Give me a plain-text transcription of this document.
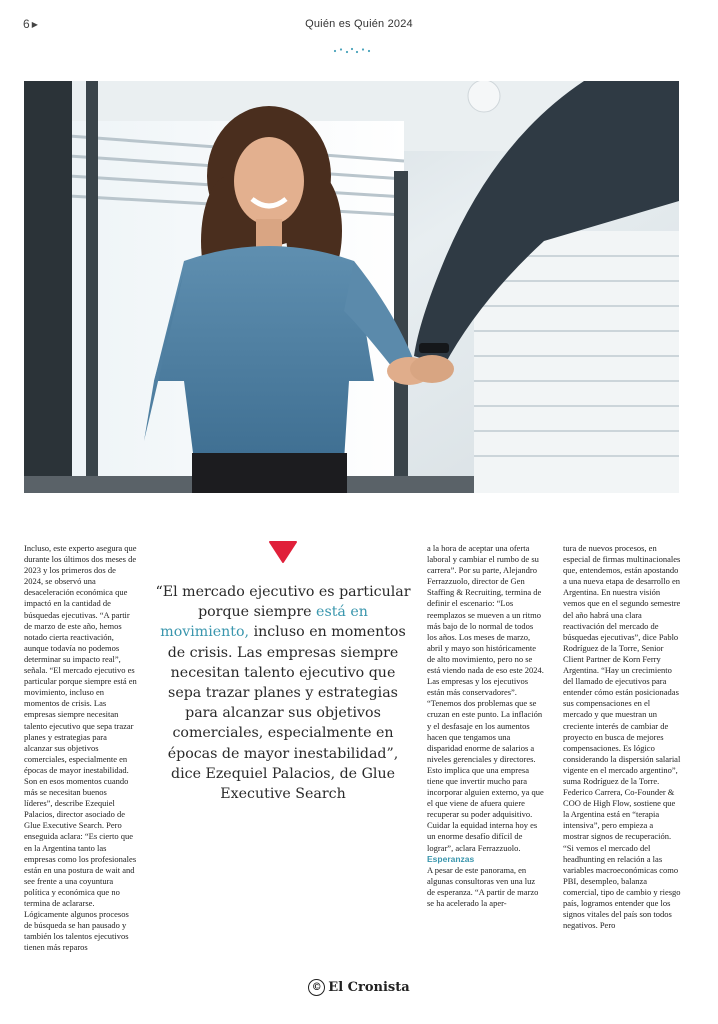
6 ▶	Quién es Quién 2024

Incluso, este experto asegura que durante los últimos dos meses de 2023 y los primeros dos de 2024, se observó una desaceleración económica que impactó en la cantidad de búsquedas ejecutivas. “A partir de marzo de este año, hemos notado cierta reactivación, aunque todavía no podemos determinar su impacto real”, señala. “El mercado ejecutivo es particular porque siempre está en movimiento, incluso en momentos de crisis. Las empresas siempre necesitan talento ejecutivo que sepa trazar planes y estrategias para alcanzar sus objetivos comerciales, especialmente en épocas de mayor inestabilidad. Son en esos momentos cuando más se necesitan buenos líderes”, describe Ezequiel Palacios, director asociado de Glue Executive Search. Pero enseguida aclara: “Es cierto que en la Argentina tanto las empresas como los profesionales están en una postura de wait and see frente a una coyuntura política y económica que no termina de aclararse. Lógicamente algunos procesos de búsqueda se han pausado y también los talentos ejecutivos tienen más reparos

“El mercado ejecutivo es particular porque siempre está en movimiento, incluso en momentos de crisis. Las empresas siempre necesitan talento ejecutivo que sepa trazar planes y estrategias para alcanzar sus objetivos comerciales, especialmente en épocas de mayor inestabilidad”, dice Ezequiel Palacios, de Glue Executive Search

a la hora de aceptar una oferta laboral y cambiar el rumbo de su carrera”. Por su parte, Alejandro Ferrazzuolo, director de Gen Staffing & Recruiting, termina de definir el escenario: “Los reemplazos se mueven a un ritmo más bajo de lo normal de todos los años. Los meses de marzo, abril y mayo son históricamente de alto movimiento, pero no se está viendo nada de eso este 2024. Las empresas y los ejecutivos están más conservadores”. “Tenemos dos problemas que se cruzan en este punto. La inflación y el desfasaje en los aumentos hacen que tengamos una disparidad enorme de salarios a niveles gerenciales y directores. Esto implica que una empresa tiene que invertir mucho para incorporar alguien externo, ya que el que viene de afuera quiere recuperar su poder adquisitivo. Cuidar la equidad interna hoy es un enorme desafío difícil de lograr”, aclara Ferrazzuolo.

Esperanzas

A pesar de este panorama, en algunas consultoras ven una luz de esperanza. “A partir de marzo se ha acelerado la aper-

tura de nuevos procesos, en especial de firmas multinacionales que, entendemos, están apostando a una nueva etapa de desarrollo en Argentina. En nuestra visión vemos que en el segundo semestre del año habrá una clara reactivación del mercado de búsquedas ejecutivas”, dice Pablo Rodríguez de la Torre, Senior Client Partner de Korn Ferry Argentina. “Hay un crecimiento del llamado de ejecutivos para entender cómo están posicionadas sus compensaciones en el mercado y que muestran un creciente interés de cambiar de proyecto en busca de mejores compensaciones. Es lógico considerando la dispersión salarial vigente en el mercado argentino”, suma Rodríguez de la Torre. Federico Carrera, Co-Founder & COO de High Flow, sostiene que la Argentina está en “terapia intensiva”, pero empieza a mostrar signos de recuperación. “Si vemos el mercado del headhunting en relación a las variables macroeconómicas como PBI, desempleo, balanza comercial, tipo de cambio y riesgo país, logramos entender que los signos vitales del país son todos negativos. Pero

© El Cronista
